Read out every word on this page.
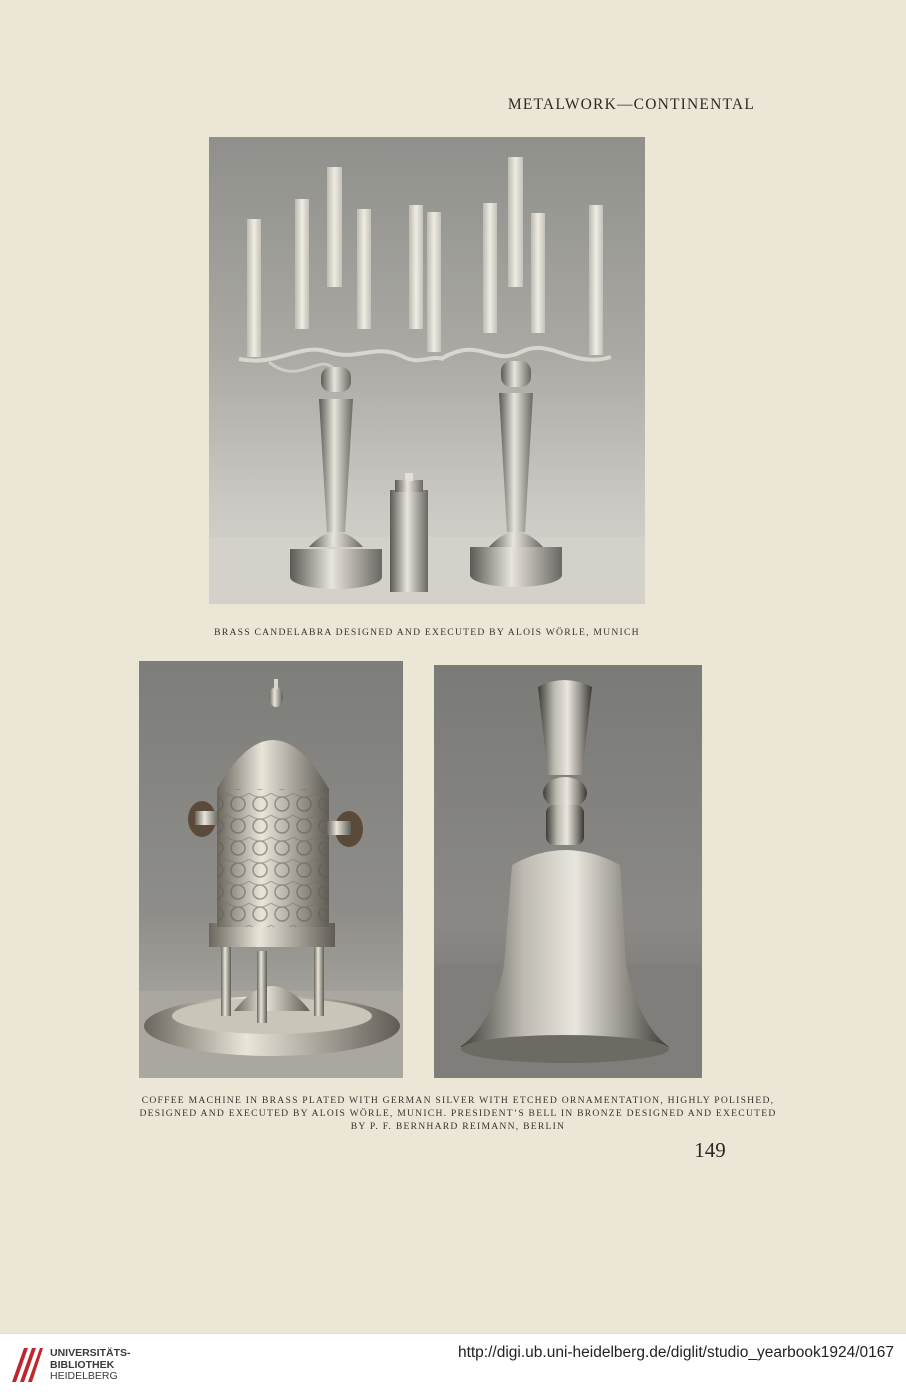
METALWORK—CONTINENTAL
BRASS CANDELABRA DESIGNED AND EXECUTED BY ALOIS WÖRLE, MUNICH
COFFEE MACHINE IN BRASS PLATED WITH GERMAN SILVER WITH ETCHED ORNAMENTATION, HIGHLY POLISHED,
DESIGNED AND EXECUTED BY ALOIS WÖRLE, MUNICH. PRESIDENT’S BELL IN BRONZE DESIGNED AND EXECUTED
BY P. F. BERNHARD REIMANN, BERLIN
149
UNIVERSITÄTS-
BIBLIOTHEK
HEIDELBERG
http://digi.ub.uni-heidelberg.de/diglit/studio_yearbook1924/0167
